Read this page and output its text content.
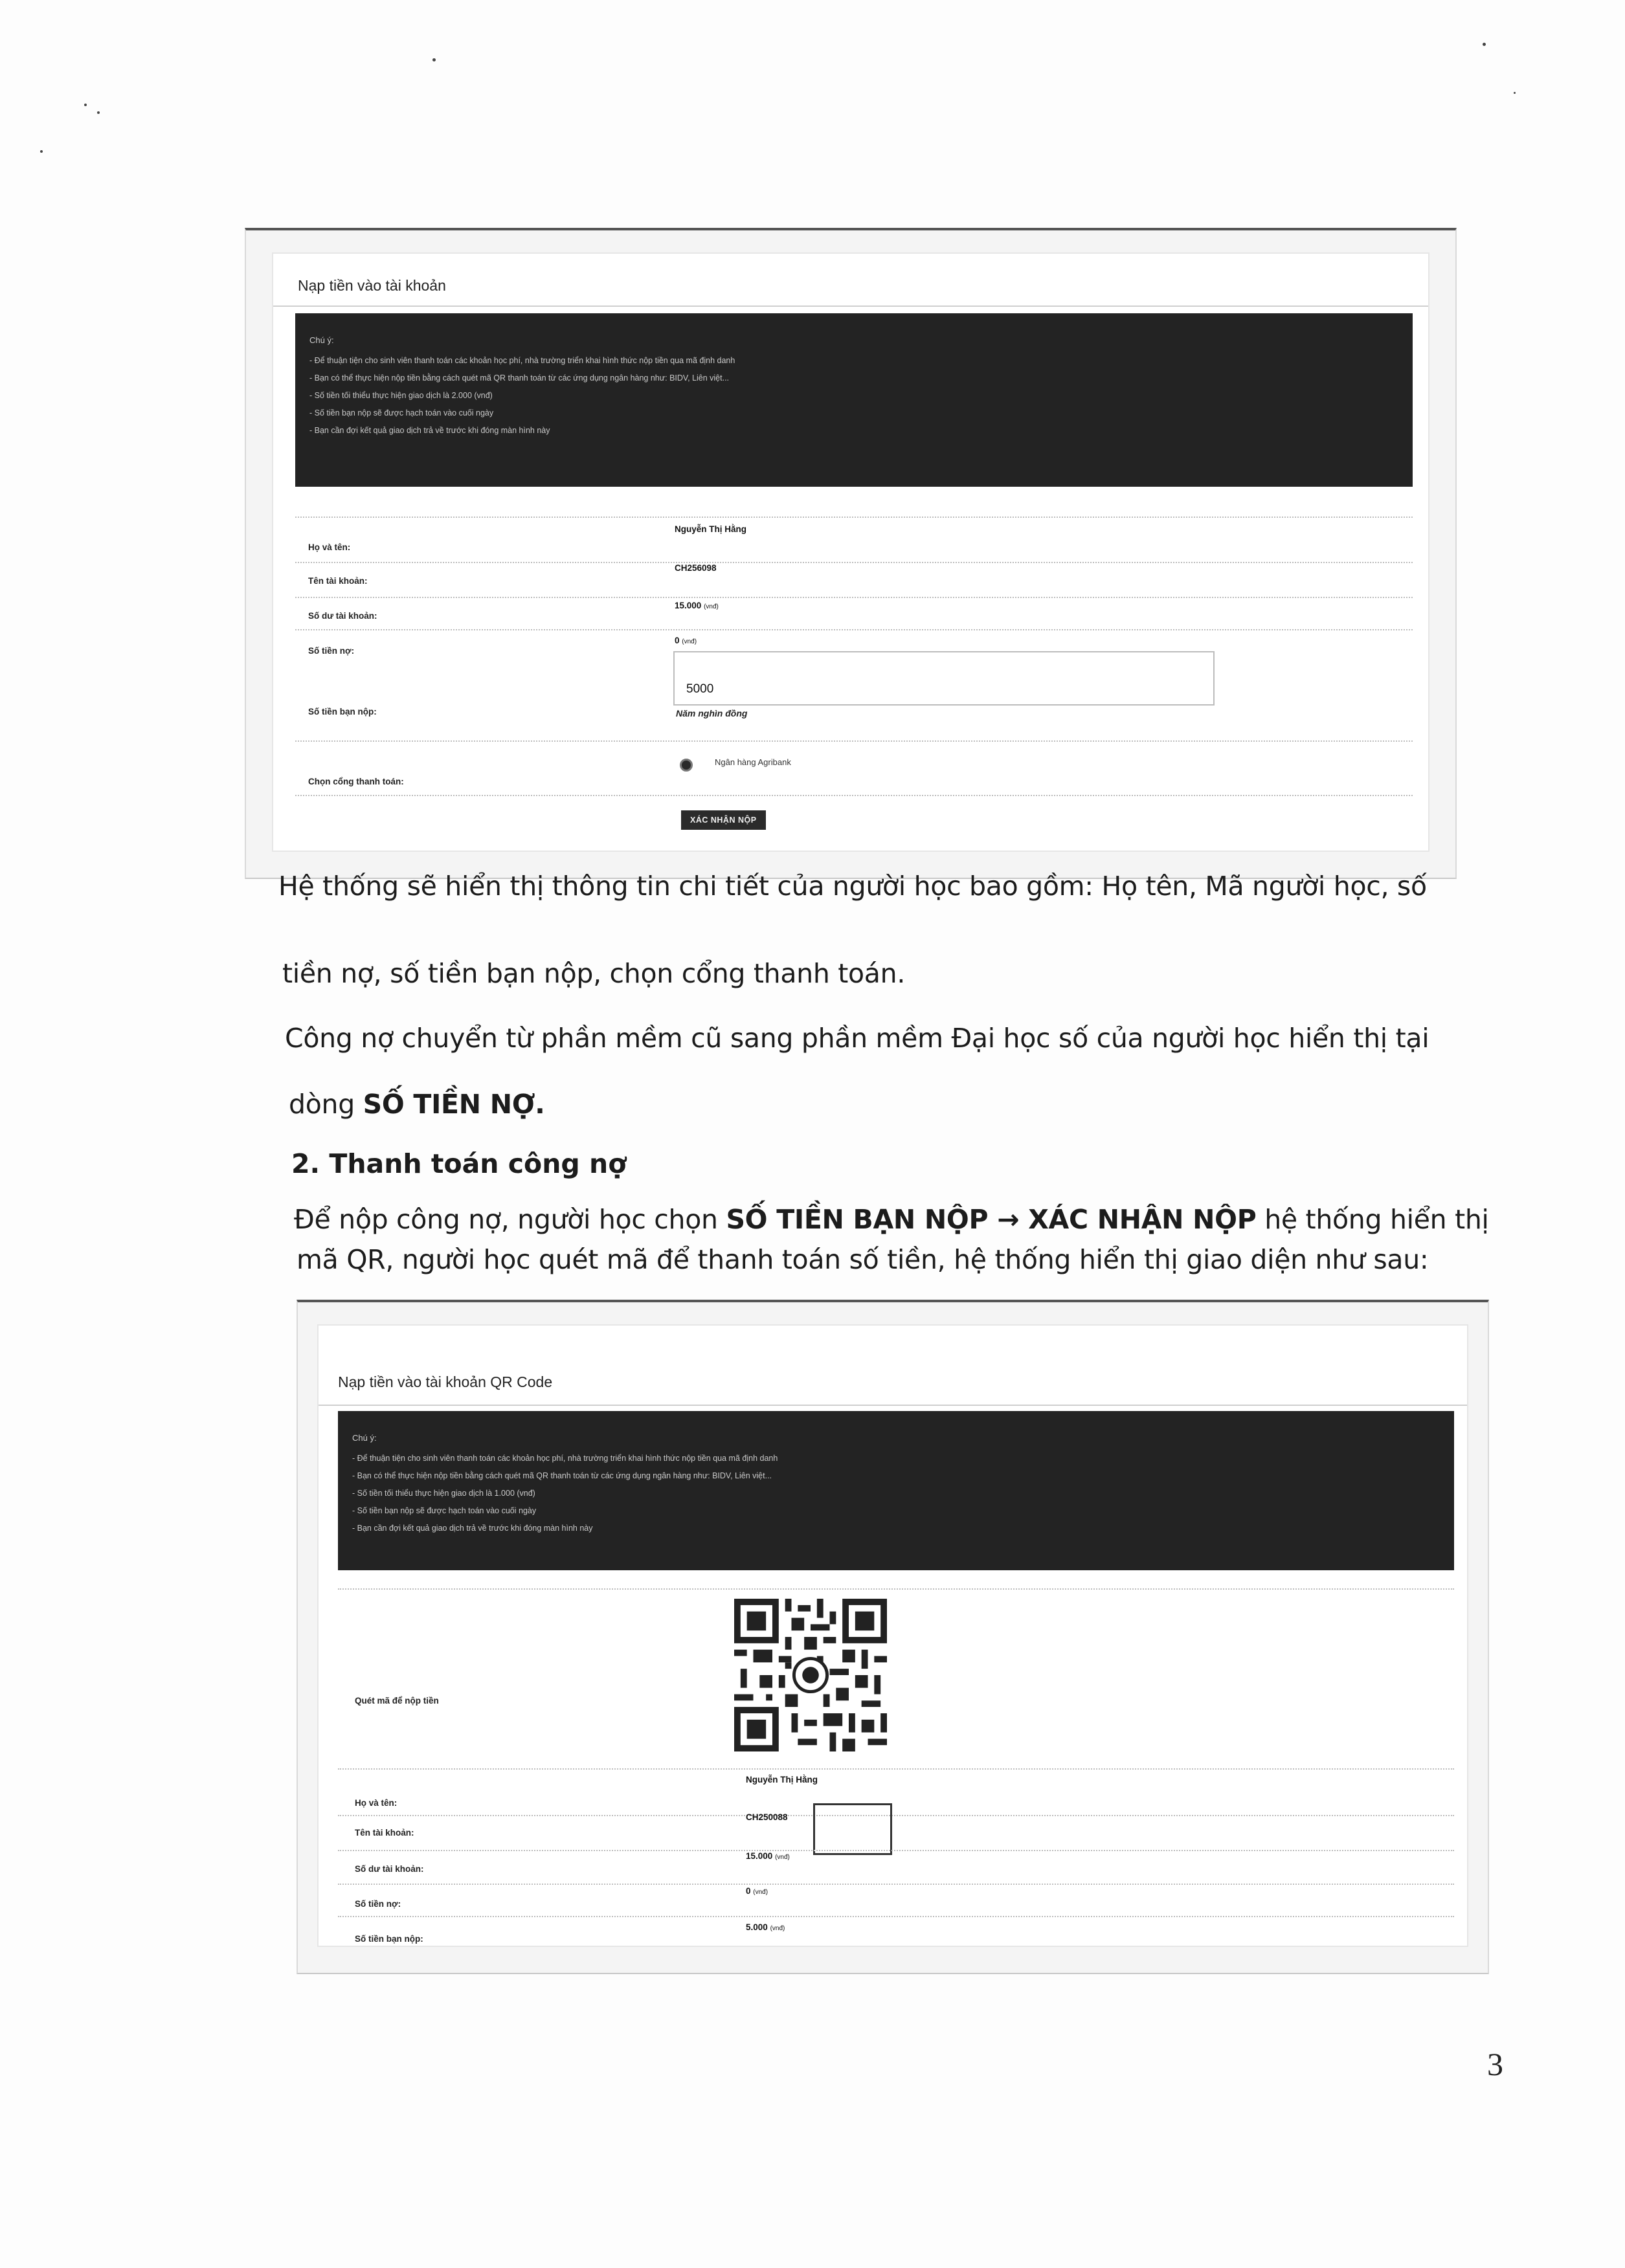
Nạp tiền vào tài khoản
Chú ý:
- Để thuận tiện cho sinh viên thanh toán các khoản học phí, nhà trường triển khai hình thức nộp tiền qua mã định danh
- Bạn có thể thực hiện nộp tiền bằng cách quét mã QR thanh toán từ các ứng dụng ngân hàng như: BIDV, Liên việt...
- Số tiền tối thiểu thực hiện giao dịch là 2.000 (vnđ)
- Số tiền bạn nộp sẽ được hạch toán vào cuối ngày
- Bạn cần đợi kết quả giao dịch trả về trước khi đóng màn hình này
Họ và tên:
Nguyễn Thị Hằng
Tên tài khoản:
CH256098
Số dư tài khoản:
15.000 (vnđ)
Số tiền nợ:
0 (vnđ)
5000
Số tiền bạn nộp:	Năm nghìn đồng
Chọn cổng thanh toán:
Ngân hàng Agribank
XÁC NHẬN NỘP
Hệ thống sẽ hiển thị thông tin chi tiết của người học bao gồm: Họ tên, Mã người học, số
tiền nợ, số tiền bạn nộp, chọn cổng thanh toán.
Công nợ chuyển từ phần mềm cũ sang phần mềm Đại học số của người học hiển thị tại
dòng SỐ TIỀN NỢ.
2. Thanh toán công nợ
Để nộp công nợ, người học chọn SỐ TIỀN BẠN NỘP → XÁC NHẬN NỘP hệ thống hiển thị
mã QR, người học quét mã để thanh toán số tiền, hệ thống hiển thị giao diện như sau:
Nạp tiền vào tài khoản QR Code
Chú ý:
- Để thuận tiện cho sinh viên thanh toán các khoản học phí, nhà trường triển khai hình thức nộp tiền qua mã định danh
- Bạn có thể thực hiện nộp tiền bằng cách quét mã QR thanh toán từ các ứng dụng ngân hàng như: BIDV, Liên việt...
- Số tiền tối thiểu thực hiện giao dịch là 1.000 (vnđ)
- Số tiền bạn nộp sẽ được hạch toán vào cuối ngày
- Bạn cần đợi kết quả giao dịch trả về trước khi đóng màn hình này
Quét mã để nộp tiền
Họ và tên:
Nguyễn Thị Hằng
Tên tài khoản:
CH250088
Số dư tài khoản:
15.000 (vnđ)
Số tiền nợ:
0 (vnđ)
Số tiền bạn nộp:
5.000 (vnđ)
3
